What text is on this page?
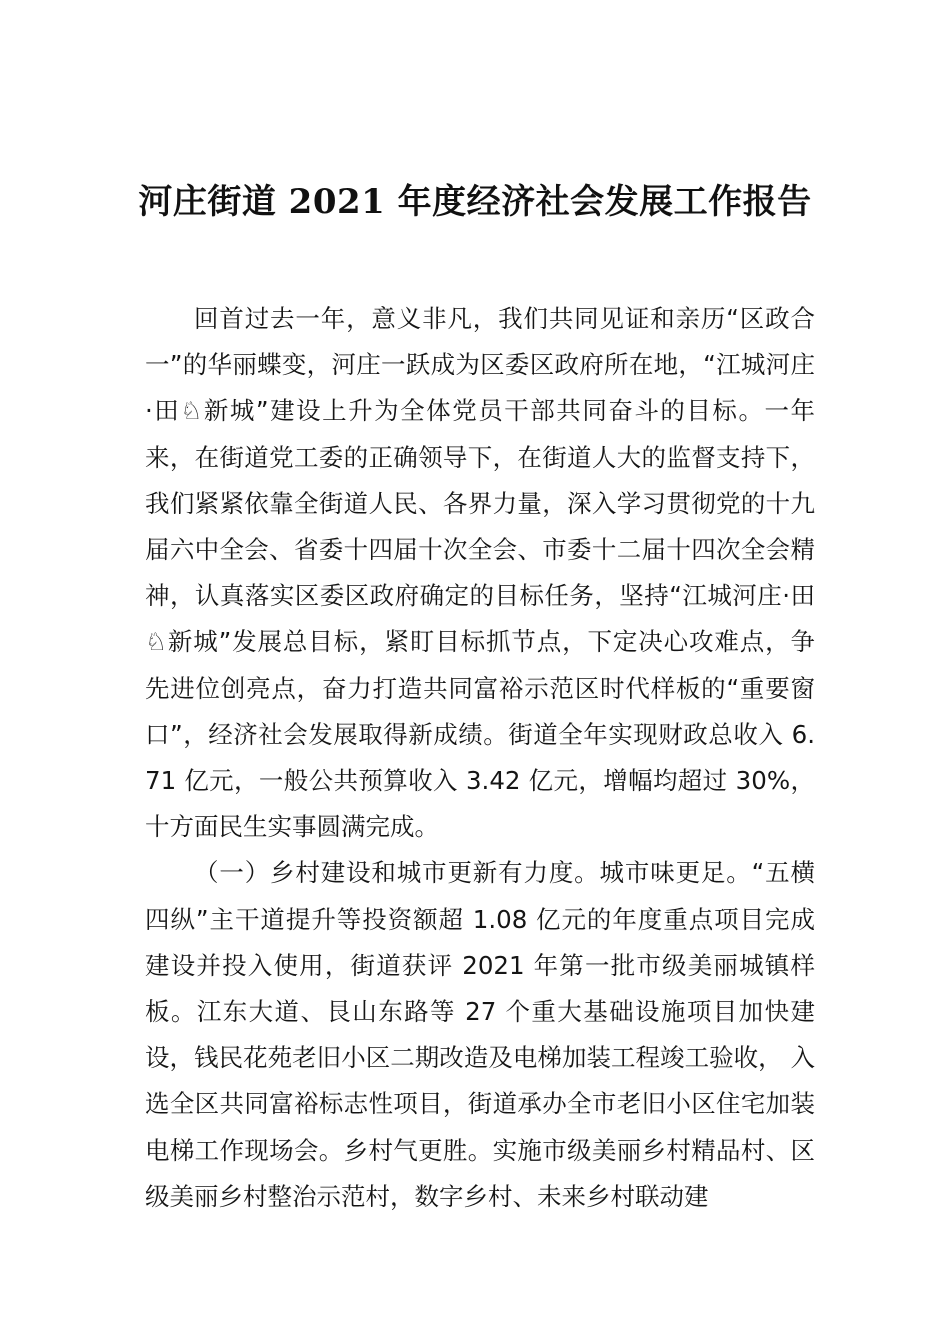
河庄街道 2021 年度经济社会发展工作报告

回首过去一年，意义非凡，我们共同见证和亲历“区政合一”的华丽蝶变，河庄一跃成为区委区政府所在地，“江城河庄·田♘新城”建设上升为全体党员干部共同奋斗的目标。一年来，在街道党工委的正确领导下，在街道人大的监督支持下，我们紧紧依靠全街道人民、各界力量，深入学习贯彻党的十九届六中全会、省委十四届十次全会、市委十二届十四次全会精神，认真落实区委区政府确定的目标任务，坚持“江城河庄·田♘新城”发展总目标，紧盯目标抓节点，下定决心攻难点，争先进位创亮点，奋力打造共同富裕示范区时代样板的“重要窗口”，经济社会发展取得新成绩。街道全年实现财政总收入 6.71 亿元，一般公共预算收入 3.42 亿元，增幅均超过 30%，十方面民生实事圆满完成。

（一）乡村建设和城市更新有力度。城市味更足。“五横四纵”主干道提升等投资额超 1.08 亿元的年度重点项目完成建设并投入使用，街道获评 2021 年第一批市级美丽城镇样板。江东大道、艮山东路等 27 个重大基础设施项目加快建设，钱民花苑老旧小区二期改造及电梯加装工程竣工验收， 入选全区共同富裕标志性项目，街道承办全市老旧小区住宅加装电梯工作现场会。乡村气更胜。实施市级美丽乡村精品村、区级美丽乡村整治示范村，数字乡村、未来乡村联动建
